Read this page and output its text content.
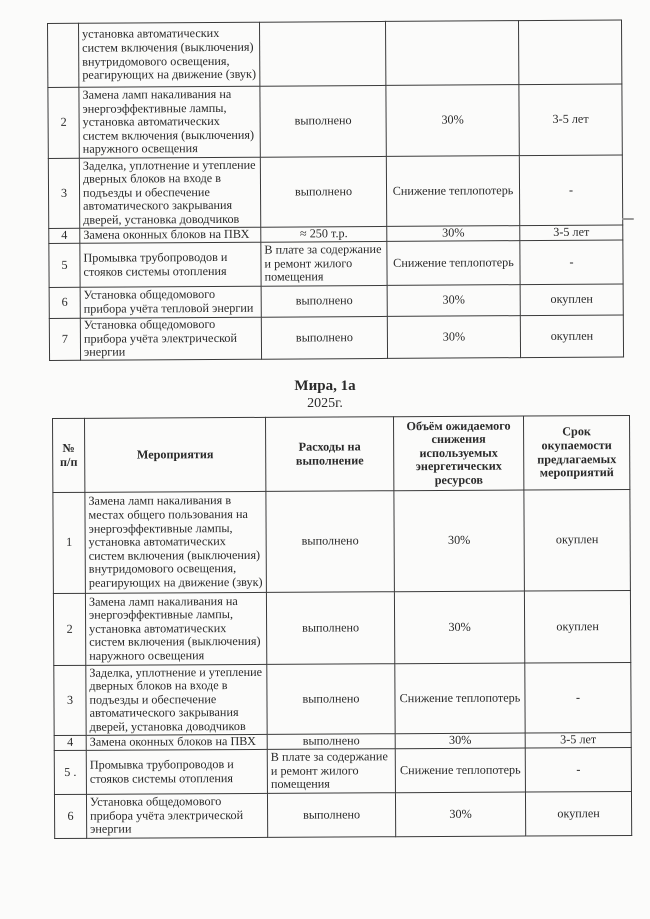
	установка автоматических систем включения (выключения) внутридомового освещения, реагирующих на движение (звук)			
2	Замена ламп накаливания на энергоэффективные лампы, установка автоматических систем включения (выключения) наружного освещения	выполнено	30%	3-5 лет
3	Заделка, уплотнение и утепление дверных блоков на входе в подъезды и обеспечение автоматического закрывания дверей, установка доводчиков	выполнено	Снижение теплопотерь	-
4	Замена оконных блоков на ПВХ	≈ 250 т.р.	30%	3-5 лет
5	Промывка трубопроводов и стояков системы отопления	В плате за содержание и ремонт жилого помещения	Снижение теплопотерь	-
6	Установка общедомового прибора учёта тепловой энергии	выполнено	30%	окуплен
7	Установка общедомового прибора учёта электрической энергии	выполнено	30%	окуплен
Мира, 1а
2025г.
№ п/п	Мероприятия	Расходы на выполнение	Объём ожидаемого снижения используемых энергетических ресурсов	Срок окупаемости предлагаемых мероприятий
1	Замена ламп накаливания в местах общего пользования на энергоэффективные лампы, установка автоматических систем включения (выключения) внутридомового освещения, реагирующих на движение (звук)	выполнено	30%	окуплен
2	Замена ламп накаливания на энергоэффективные лампы, установка автоматических систем включения (выключения) наружного освещения	выполнено	30%	окуплен
3	Заделка, уплотнение и утепление дверных блоков на входе в подъезды и обеспечение автоматического закрывания дверей, установка доводчиков	выполнено	Снижение теплопотерь	-
4	Замена оконных блоков на ПВХ	выполнено	30%	3-5 лет
5 .	Промывка трубопроводов и стояков системы отопления	В плате за содержание и ремонт жилого помещения	Снижение теплопотерь	-
6	Установка общедомового прибора учёта электрической энергии	выполнено	30%	окуплен
